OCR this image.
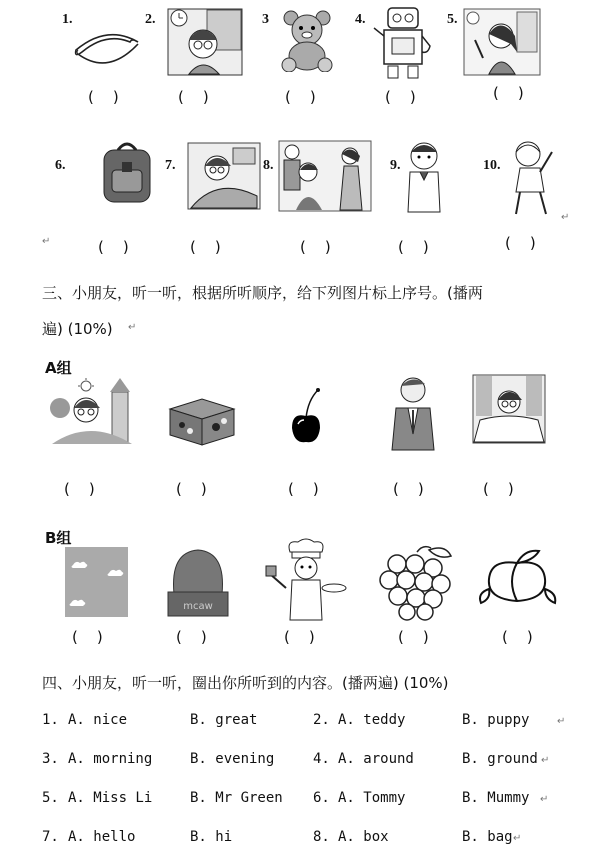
1.	2.	3	4.	5.
(    )	(    )	(    )	(    )	(    )
6.	7.	8.	9.	10.
↵
↵	(    )	(    )	(    )	(    )	(    )
三、小朋友，听一听，根据所听顺序，给下列图片标上序号。(播两
遍) (10%) ↵
A组
(    )	(    )	(    )	(    )	(    )
B组
mcaw
(    )	(    )	(    )	(    )	(    )
四、小朋友，听一听，圈出你所听到的内容。(播两遍) (10%)
1. A. nice	B. great	2. A. teddy	B. puppy	↵
3. A. morning	B. evening	4. A. around	B. ground ↵
5. A. Miss Li	B. Mr Green 6. A. Tommy	B. Mummy ↵
7. A. hello	B. hi	8. A. box	B. bag ↵
